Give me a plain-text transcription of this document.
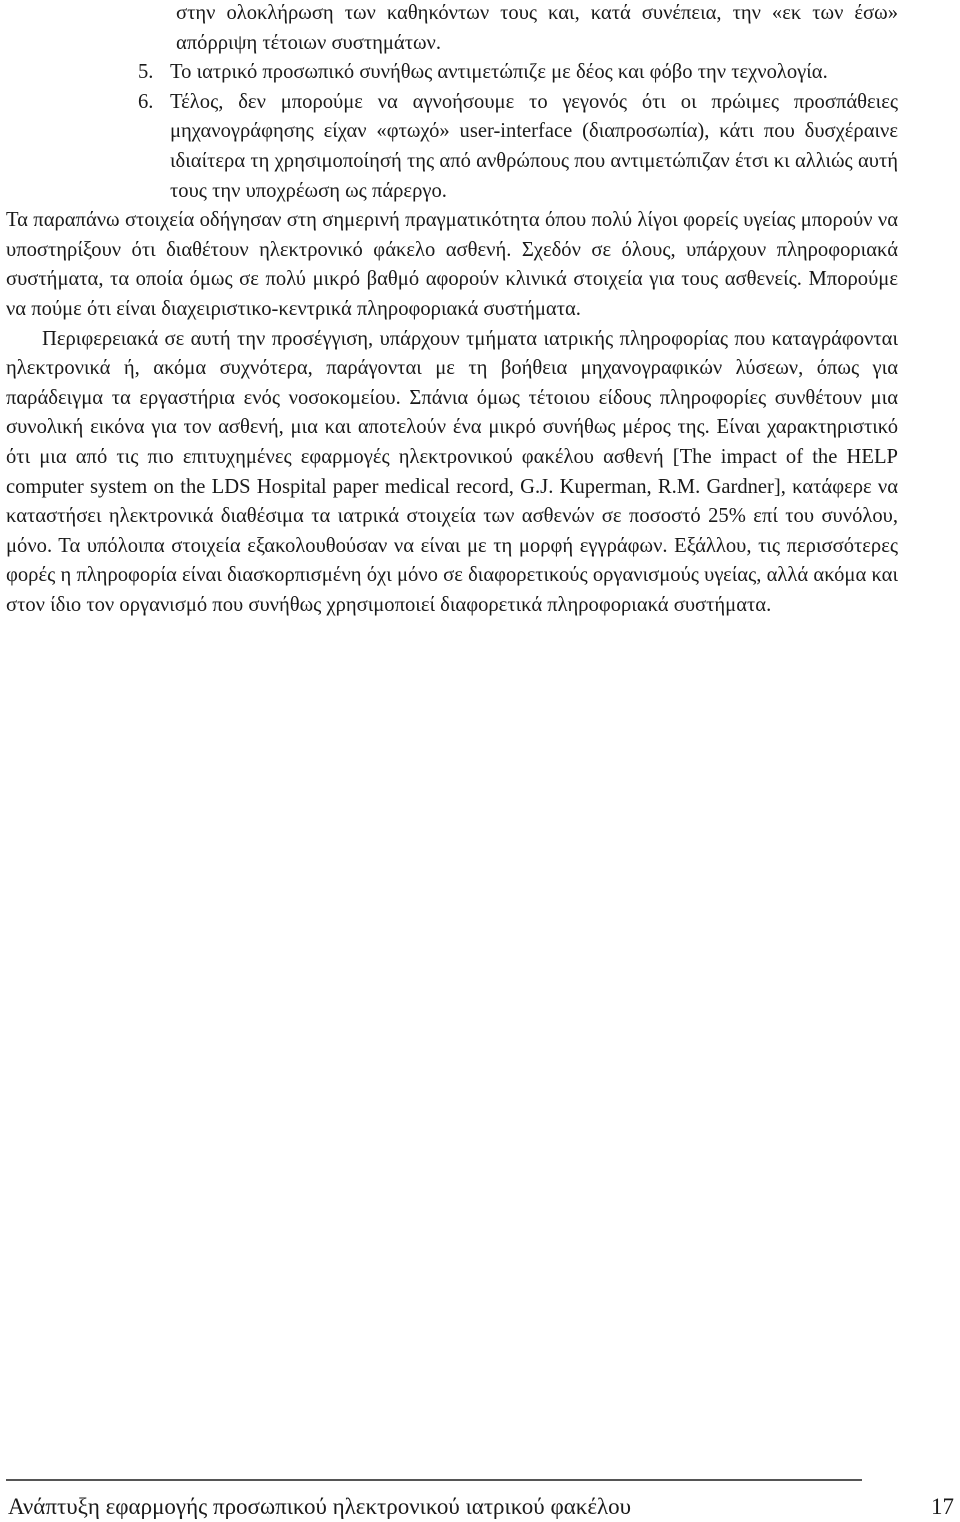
στην ολοκλήρωση των καθηκόντων τους και, κατά συνέπεια, την «εκ των έσω» απόρριψη τέτοιων συστημάτων.
5. Το ιατρικό προσωπικό συνήθως αντιμετώπιζε με δέος και φόβο την τεχνολογία.
6. Τέλος, δεν μπορούμε να αγνοήσουμε το γεγονός ότι οι πρώιμες προσπάθειες μηχανογράφησης είχαν «φτωχό» user-interface (διαπροσωπία), κάτι που δυσχέραινε ιδιαίτερα τη χρησιμοποίησή της από ανθρώπους που αντιμετώπιζαν έτσι κι αλλιώς αυτή τους την υποχρέωση ως πάρεργο.

Τα παραπάνω στοιχεία οδήγησαν στη σημερινή πραγματικότητα όπου πολύ λίγοι φορείς υγείας μπορούν να υποστηρίξουν ότι διαθέτουν ηλεκτρονικό φάκελο ασθενή. Σχεδόν σε όλους, υπάρχουν πληροφοριακά συστήματα, τα οποία όμως σε πολύ μικρό βαθμό αφορούν κλινικά στοιχεία για τους ασθενείς. Μπορούμε να πούμε ότι είναι διαχειριστικο-κεντρικά πληροφοριακά συστήματα.

Περιφερειακά σε αυτή την προσέγγιση, υπάρχουν τμήματα ιατρικής πληροφορίας που καταγράφονται ηλεκτρονικά ή, ακόμα συχνότερα, παράγονται με τη βοήθεια μηχανογραφικών λύσεων, όπως για παράδειγμα τα εργαστήρια ενός νοσοκομείου. Σπάνια όμως τέτοιου είδους πληροφορίες συνθέτουν μια συνολική εικόνα για τον ασθενή, μια και αποτελούν ένα μικρό συνήθως μέρος της. Είναι χαρακτηριστικό ότι μια από τις πιο επιτυχημένες εφαρμογές ηλεκτρονικού φακέλου ασθενή [The impact of the HELP computer system on the LDS Hospital paper medical record, G.J. Kuperman, R.M. Gardner], κατάφερε να καταστήσει ηλεκτρονικά διαθέσιμα τα ιατρικά στοιχεία των ασθενών σε ποσοστό 25% επί του συνόλου, μόνο. Τα υπόλοιπα στοιχεία εξακολουθούσαν να είναι με τη μορφή εγγράφων. Εξάλλου, τις περισσότερες φορές η πληροφορία είναι διασκορπισμένη όχι μόνο σε διαφορετικούς οργανισμούς υγείας, αλλά ακόμα και στον ίδιο τον οργανισμό που συνήθως χρησιμοποιεί διαφορετικά πληροφοριακά συστήματα.

Ανάπτυξη εφαρμογής προσωπικού ηλεκτρονικού ιατρικού φακέλου	17
